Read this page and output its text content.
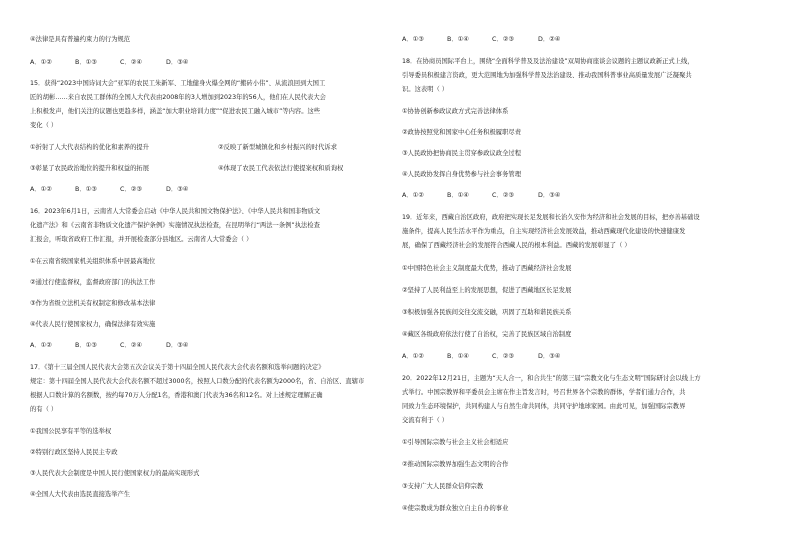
④法律是具有普遍约束力的行为规范
A．①②	B．①③	C．②④	D．③④
15．获得“2023中国诗词大会”亚军的农民工朱新军、工地健身火爆全网的“搬砖小伟”、从流浪回到大国工
匠的胡彬……来自农民工群体的全国人大代表由2008年的3人增加到2023年的56人，他们在人民代表大会
上积极发声，他们关注的议题也更趋多样，涵盖“加大职业培训力度”“促进农民工融入城市”等内容。这些
变化（ ）
①折射了人大代表结构的优化和素养的提升	②反映了新型城镇化和乡村振兴的时代诉求
③彰显了农民政治地位的提升和权益的拓展	④体现了农民工代表依法行使提案权和质询权
A．①②	B．①③	C．②③	D．③④
16．2023年6月1日，云南省人大常委会启动《中华人民共和国文物保护法》、《中华人民共和国非物质文
化遗产法》和《云南省非物质文化遗产保护条例》实施情况执法检查，在昆明举行“两法一条例”执法检查
汇报会，听取省政府工作汇报，并开展检查部分县地区。云南省人大常委会（ ）
①在云南省级国家机关组织体系中居最高地位
②通过行使监督权，监督政府部门的执法工作
③作为省级立法机关有权制定和修改基本法律
④代表人民行使国家权力，确保法律有效实施
A．①②	B．①③	C．②④	D．③④
17．《第十三届全国人民代表大会第五次会议关于第十四届全国人民代表大会代表名额和选举问题的决定》
规定：第十四届全国人民代表大会代表名额不超过3000名，按照人口数分配的代表名额为2000名，省、自治区、直辖市
根据人口数计算的名额数，按约每70万人分配1名，香港和澳门代表为36名和12名。对上述规定理解正确
的有（ ）
①我国公民享有平等的选举权
②特别行政区坚持人民民主专政
③人民代表大会制度是中国人民行使国家权力的最高实现形式
④全国人大代表由选民直接选举产生
A．①③	B．①④	C．②③	D．②④
18．在协商员国际平台上，围绕“全面科学普及及法治建设”双周协商座谈会议题的主题议政新正式上线，
引导委员积极建言资政，更大范围地为加强科学普及法治建设、推动我国科普事业高质量发展广泛凝聚共
识。这表明（ ）
①协协创新参政议政方式完善法律体系
②政协按照党和国家中心任务积极履职尽责
③人民政协把协商民主贯穿参政议政全过程
④人民政协发挥自身优势参与社会事务管理
A．①②	B．①④	C．②③	D．③④
19．近年来，西藏自治区政府，政府把实现长足发展和长治久安作为经济和社会发展的目标，把亦善基础设
施条件，提高人民生活水平作为重点，自主实现经济社会发展效益，推动西藏现代化建设的快速健康发
展，确保了西藏经济社会的发展符合西藏人民的根本利益。西藏的发展彰显了（ ）
①中国特色社会主义制度最大优势，推动了西藏经济社会发展
②坚持了人民利益至上的发展思想，促进了西藏地区长足发展
③积极加强各民族间交往交流交融，巩固了互助和谐民族关系
④藏区各级政府依法行使了自治权，完善了民族区域自治制度
A．①②	B．①④	C．②③	D．③④
20．2022年12月21日，主题为“天人合一，和合共生”的第三届“宗教文化与生态文明”国际研讨会以线上方
式举行。中国宗教界和平委员会主席在作主旨发言时，号召世界各个宗教的群体，学者们通力合作，共
同致力生态环境保护，共同构建人与自然生命共同体，共同守护地球家园。由此可见，加强国际宗教界
交流有利于（ ）
①引导国际宗教与社会主义社会相适应
②推动国际宗教界加强生态文明的合作
③支持广大人民群众信仰宗教
④使宗教成为群众独立自主自办的事业
